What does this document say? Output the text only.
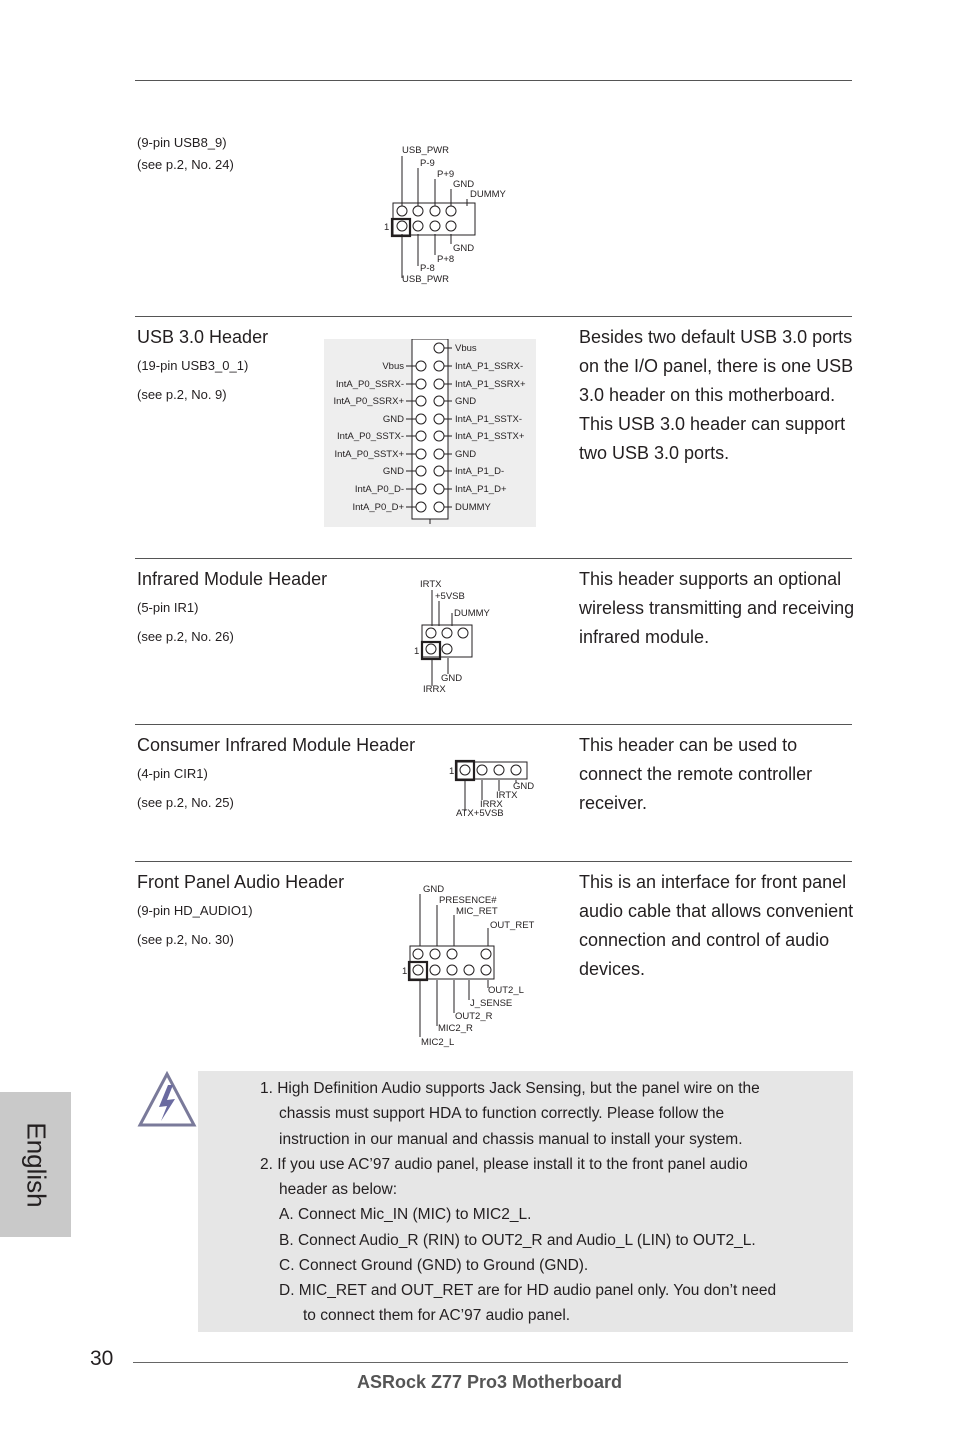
(9-pin USB8_9)
(see p.2, No. 24)
USB_PWR
P-9
P+9
GND
DUMMY
1
GND
P+8
P-8
USB_PWR
USB 3.0 Header
(19-pin USB3_0_1)
(see p.2, No. 9)
Besides two default USB 3.0 ports on the I/O panel, there is one USB 3.0 header on this motherboard. This USB 3.0 header can support two USB 3.0 ports.
Vbus
IntA_P0_SSRX-
IntA_P0_SSRX+
GND
IntA_P0_SSTX-
IntA_P0_SSTX+
GND
IntA_P0_D-
IntA_P0_D+
Vbus
IntA_P1_SSRX-
IntA_P1_SSRX+
GND
IntA_P1_SSTX-
IntA_P1_SSTX+
GND
IntA_P1_D-
IntA_P1_D+
DUMMY
Infrared Module Header
(5-pin IR1)
(see p.2, No. 26)
This header supports an optional wireless transmitting and receiving infrared module.
IRTX
+5VSB
DUMMY
1
GND
IRRX
Consumer Infrared Module Header
(4-pin CIR1)
(see p.2, No. 25)
This header can be used to connect the remote controller receiver.
1
GND
IRTX
IRRX
ATX+5VSB
Front Panel Audio Header
(9-pin HD_AUDIO1)
(see p.2, No. 30)
This is an interface for front panel audio cable that allows convenient connection and control of audio devices.
GND
PRESENCE#
MIC_RET
OUT_RET
1
OUT2_L
J_SENSE
OUT2_R
MIC2_R
MIC2_L
1. High Definition Audio supports Jack Sensing, but the panel wire on the
chassis must support HDA to function correctly. Please follow the
instruction in our manual and chassis manual to install your system.
2. If you use AC’97 audio panel, please install it to the front panel audio
header as below:
A. Connect Mic_IN (MIC) to MIC2_L.
B. Connect Audio_R (RIN) to OUT2_R and Audio_L (LIN) to OUT2_L.
C. Connect Ground (GND) to Ground (GND).
D. MIC_RET and OUT_RET are for HD audio panel only. You don’t need
to connect them for AC’97 audio panel.
English
30
ASRock Z77 Pro3 Motherboard
